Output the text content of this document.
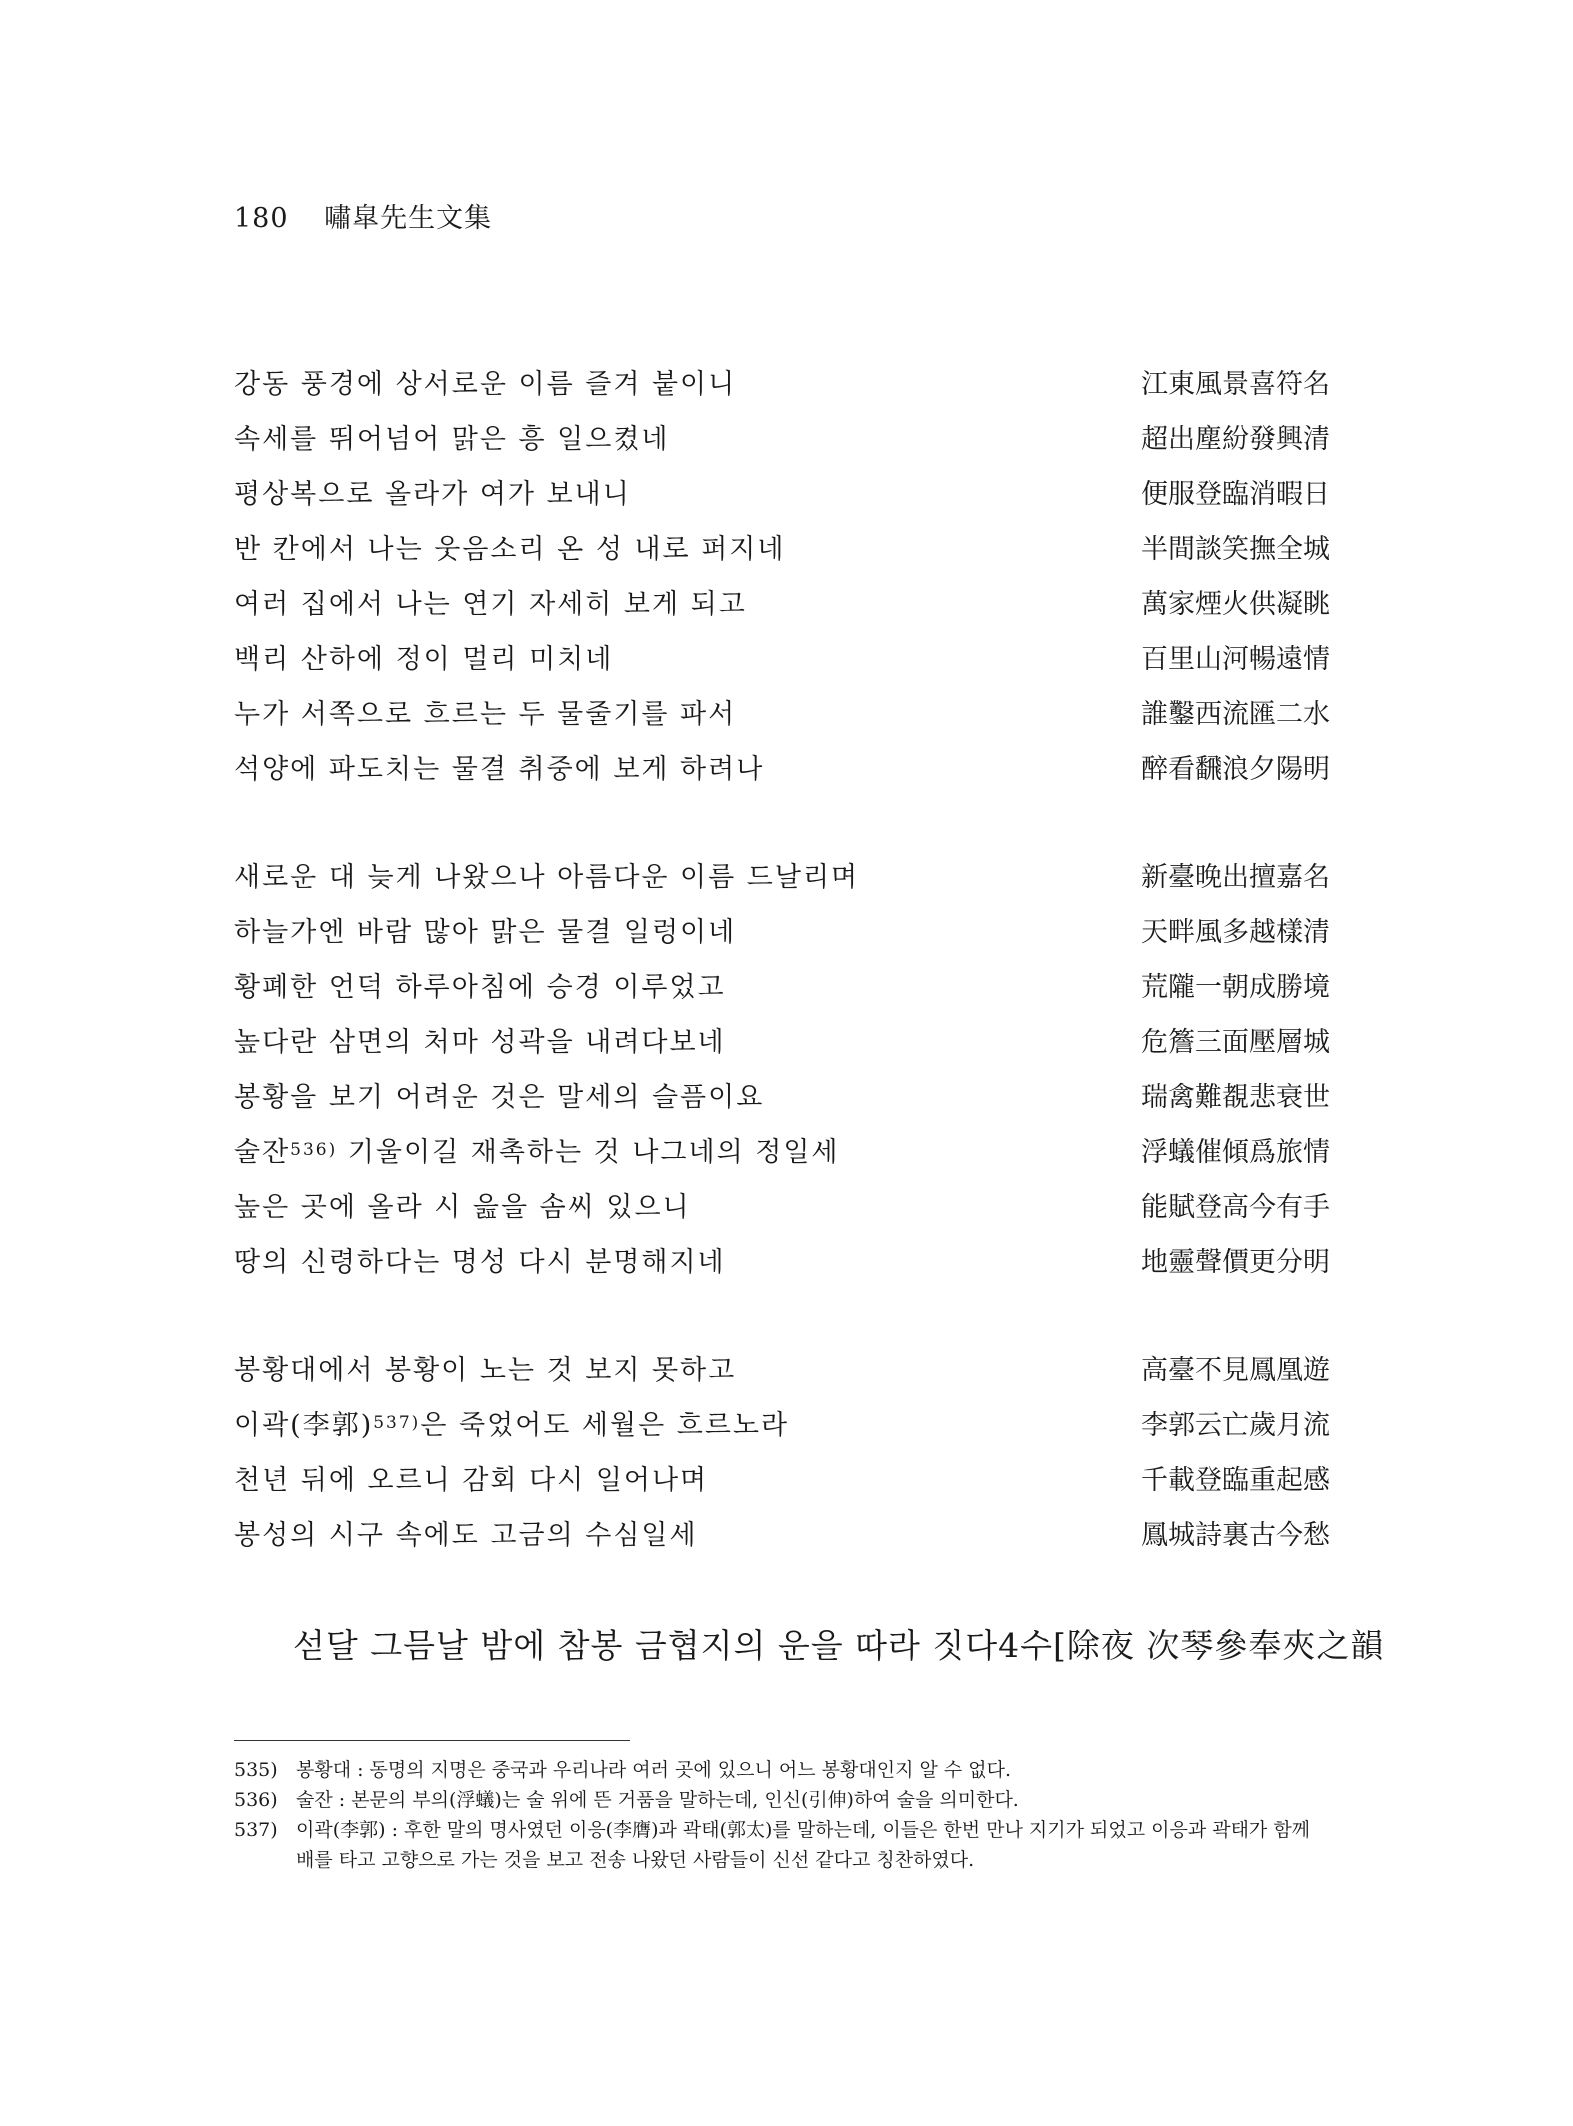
180 嘯皐先生文集
강동 풍경에 상서로운 이름 즐겨 붙이니	江東風景喜符名
속세를 뛰어넘어 맑은 흥 일으켰네	超出塵紛發興清
평상복으로 올라가 여가 보내니	便服登臨消暇日
반 칸에서 나는 웃음소리 온 성 내로 퍼지네	半間談笑撫全城
여러 집에서 나는 연기 자세히 보게 되고	萬家煙火供凝眺
백리 산하에 정이 멀리 미치네	百里山河暢遠情
누가 서쪽으로 흐르는 두 물줄기를 파서	誰鑿西流匯二水
석양에 파도치는 물결 취중에 보게 하려나	醉看飜浪夕陽明
새로운 대 늦게 나왔으나 아름다운 이름 드날리며	新臺晚出擅嘉名
하늘가엔 바람 많아 맑은 물결 일렁이네	天畔風多越樣清
황폐한 언덕 하루아침에 승경 이루었고	荒隴一朝成勝境
높다란 삼면의 처마 성곽을 내려다보네	危簷三面壓層城
봉황을 보기 어려운 것은 말세의 슬픔이요	瑞禽難覩悲衰世
술잔$^{536)}$ 기울이길 재촉하는 것 나그네의 정일세	浮蟻催傾爲旅情
높은 곳에 올라 시 읊을 솜씨 있으니	能賦登高今有手
땅의 신령하다는 명성 다시 분명해지네	地靈聲價更分明
봉황대에서 봉황이 노는 것 보지 못하고	高臺不見鳳凰遊
이곽(李郭)$^{537)}$은 죽었어도 세월은 흐르노라	李郭云亡歲月流
천년 뒤에 오르니 감회 다시 일어나며	千載登臨重起感
봉성의 시구 속에도 고금의 수심일세	鳳城詩裏古今愁
섣달 그믐날 밤에 참봉 금협지의 운을 따라 짓다4수[除夜 次琴參奉夾之韻
535) 봉황대 : 동명의 지명은 중국과 우리나라 여러 곳에 있으니 어느 봉황대인지 알 수 없다.
536) 술잔 : 본문의 부의(浮蟻)는 술 위에 뜬 거품을 말하는데, 인신(引伸)하여 술을 의미한다.
537) 이곽(李郭) : 후한 말의 명사였던 이응(李膺)과 곽태(郭太)를 말하는데, 이들은 한번 만나 지기가 되었고 이응과 곽태가 함께 배를 타고 고향으로 가는 것을 보고 전송 나왔던 사람들이 신선 같다고 칭찬하였다.
